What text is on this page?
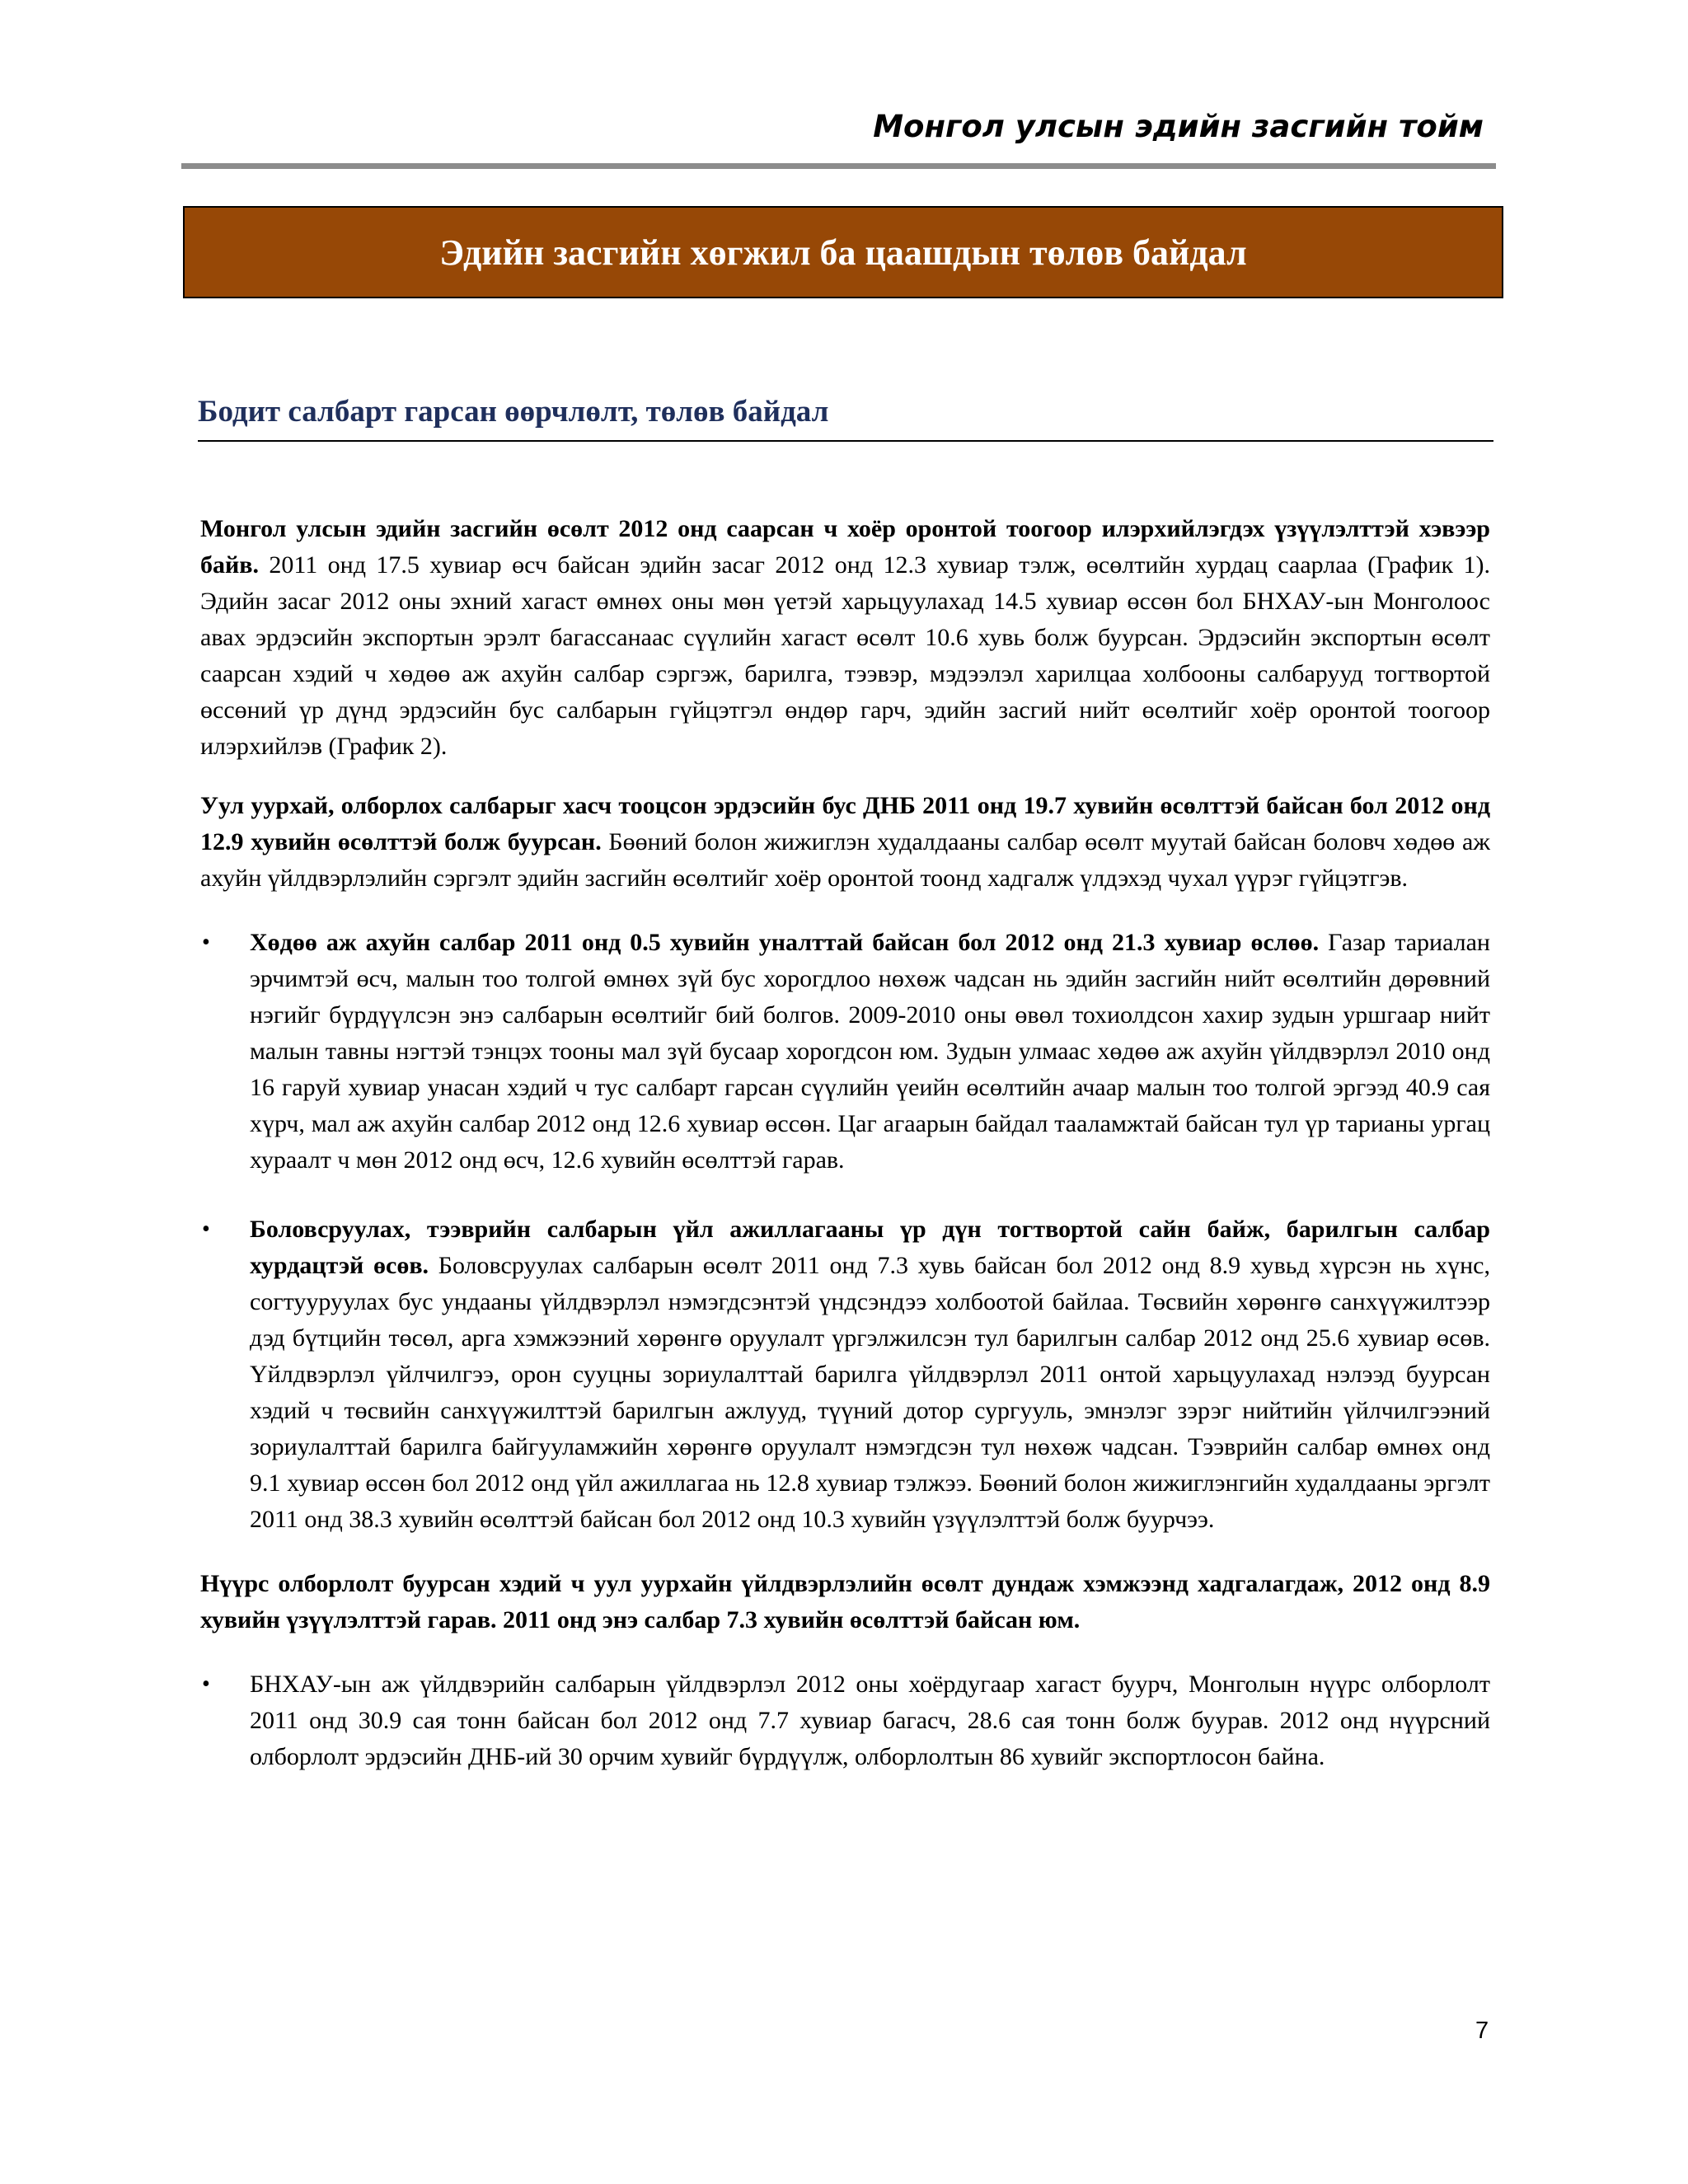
Монгол улсын эдийн засгийн тойм
Эдийн засгийн хөгжил ба цаашдын төлөв байдал
Бодит салбарт гарсан өөрчлөлт, төлөв байдал

Монгол улсын эдийн засгийн өсөлт 2012 онд саарсан ч хоёр оронтой тоогоор илэрхийлэгдэх үзүүлэлттэй хэвээр байв. 2011 онд 17.5 хувиар өсч байсан эдийн засаг 2012 онд 12.3 хувиар тэлж, өсөлтийн хурдац саарлаа (График 1). Эдийн засаг 2012 оны эхний хагаст өмнөх оны мөн үетэй харьцуулахад 14.5 хувиар өссөн бол БНХАУ-ын Монголоос авах эрдэсийн экспортын эрэлт багассанаас сүүлийн хагаст өсөлт 10.6 хувь болж буурсан. Эрдэсийн экспортын өсөлт саарсан хэдий ч хөдөө аж ахуйн салбар сэргэж, барилга, тээвэр, мэдээлэл харилцаа холбооны салбарууд тогтвортой өссөний үр дүнд эрдэсийн бус салбарын гүйцэтгэл өндөр гарч, эдийн засгий нийт өсөлтийг хоёр оронтой тоогоор илэрхийлэв (График 2).

Уул уурхай, олборлох салбарыг хасч тооцсон эрдэсийн бус ДНБ 2011 онд 19.7 хувийн өсөлттэй байсан бол 2012 онд 12.9 хувийн өсөлттэй болж буурсан. Бөөний болон жижиглэн худалдааны салбар өсөлт муутай байсан боловч хөдөө аж ахуйн үйлдвэрлэлийн сэргэлт эдийн засгийн өсөлтийг хоёр оронтой тоонд хадгалж үлдэхэд чухал үүрэг гүйцэтгэв.

• Хөдөө аж ахуйн салбар 2011 онд 0.5 хувийн уналттай байсан бол 2012 онд 21.3 хувиар өслөө. Газар тариалан эрчимтэй өсч, малын тоо толгой өмнөх зүй бус хорогдлоо нөхөж чадсан нь эдийн засгийн нийт өсөлтийн дөрөвний нэгийг бүрдүүлсэн энэ салбарын өсөлтийг бий болгов. 2009-2010 оны өвөл тохиолдсон хахир зудын уршгаар нийт малын тавны нэгтэй тэнцэх тооны мал зүй бусаар хорогдсон юм. Зудын улмаас хөдөө аж ахуйн үйлдвэрлэл 2010 онд 16 гаруй хувиар унасан хэдий ч тус салбарт гарсан сүүлийн үеийн өсөлтийн ачаар малын тоо толгой эргээд 40.9 сая хүрч, мал аж ахуйн салбар 2012 онд 12.6 хувиар өссөн. Цаг агаарын байдал тааламжтай байсан тул үр тарианы ургац хураалт ч мөн 2012 онд өсч, 12.6 хувийн өсөлттэй гарав.

• Боловсруулах, тээврийн салбарын үйл ажиллагааны үр дүн тогтвортой сайн байж, барилгын салбар хурдацтэй өсөв. Боловсруулах салбарын өсөлт 2011 онд 7.3 хувь байсан бол 2012 онд 8.9 хувьд хүрсэн нь хүнс, согтууруулах бус ундааны үйлдвэрлэл нэмэгдсэнтэй үндсэндээ холбоотой байлаа. Төсвийн хөрөнгө санхүүжилтээр дэд бүтцийн төсөл, арга хэмжээний хөрөнгө оруулалт үргэлжилсэн тул барилгын салбар 2012 онд 25.6 хувиар өсөв. Үйлдвэрлэл үйлчилгээ, орон сууцны зориулалттай барилга үйлдвэрлэл 2011 онтой харьцуулахад нэлээд буурсан хэдий ч төсвийн санхүүжилттэй барилгын ажлууд, түүний дотор сургууль, эмнэлэг зэрэг нийтийн үйлчилгээний зориулалттай барилга байгууламжийн хөрөнгө оруулалт нэмэгдсэн тул нөхөж чадсан. Тээврийн салбар өмнөх онд 9.1 хувиар өссөн бол 2012 онд үйл ажиллагаа нь 12.8 хувиар тэлжээ. Бөөний болон жижиглэнгийн худалдааны эргэлт 2011 онд 38.3 хувийн өсөлттэй байсан бол 2012 онд 10.3 хувийн үзүүлэлттэй болж буурчээ.

Нүүрс олборлолт буурсан хэдий ч уул уурхайн үйлдвэрлэлийн өсөлт дундаж хэмжээнд хадгалагдаж, 2012 онд 8.9 хувийн үзүүлэлттэй гарав. 2011 онд энэ салбар 7.3 хувийн өсөлттэй байсан юм.

• БНХАУ-ын аж үйлдвэрийн салбарын үйлдвэрлэл 2012 оны хоёрдугаар хагаст буурч, Монголын нүүрс олборлолт 2011 онд 30.9 сая тонн байсан бол 2012 онд 7.7 хувиар багасч, 28.6 сая тонн болж буурав. 2012 онд нүүрсний олборлолт эрдэсийн ДНБ-ий 30 орчим хувийг бүрдүүлж, олборлолтын 86 хувийг экспортлосон байна.

7
